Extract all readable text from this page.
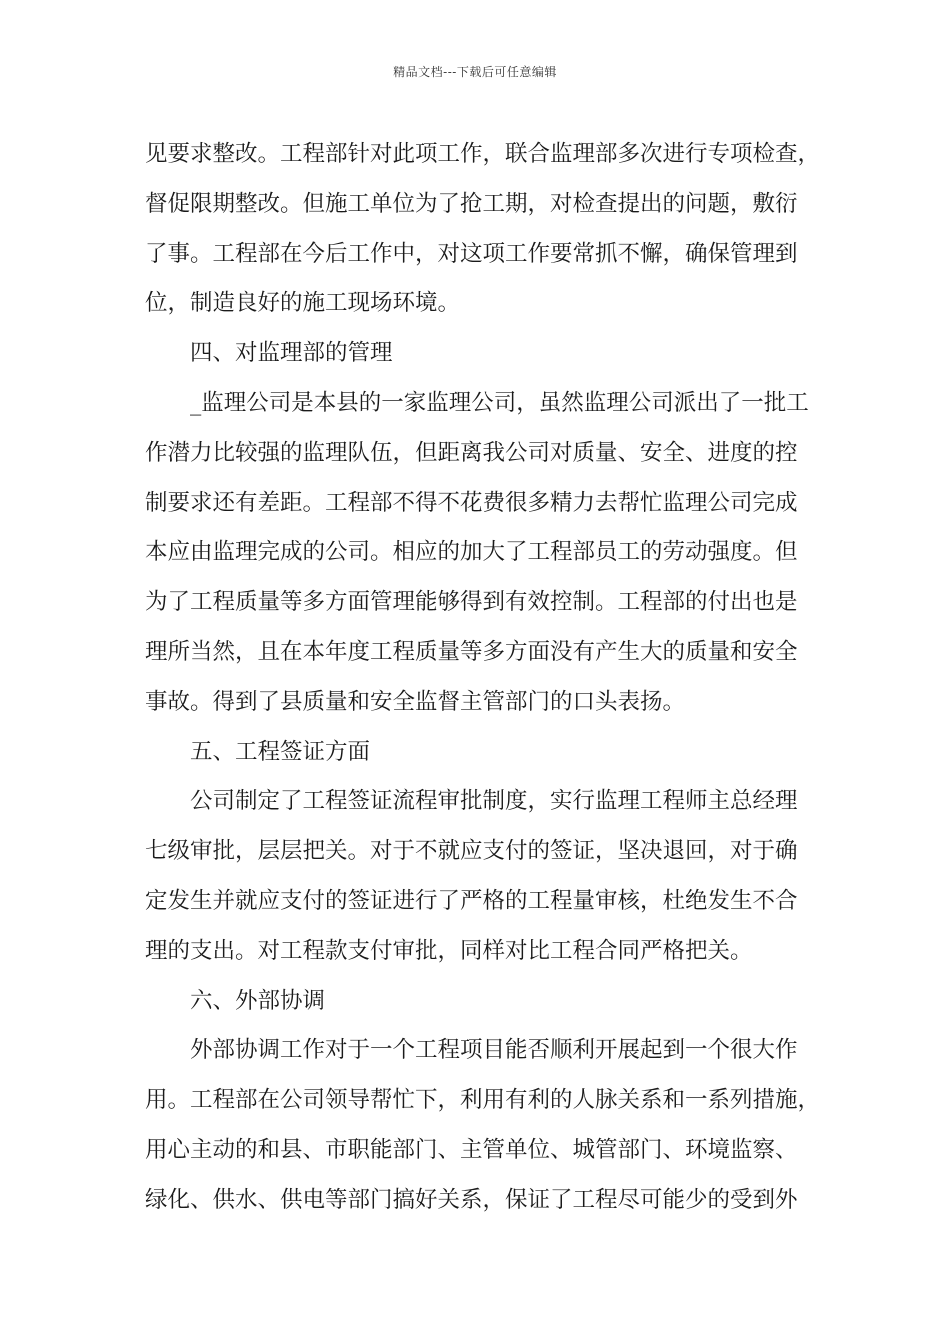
精品文档---下载后可任意编辑
见要求整改。工程部针对此项工作，联合监理部多次进行专项检查，
督促限期整改。但施工单位为了抢工期，对检查提出的问题，敷衍
了事。工程部在今后工作中，对这项工作要常抓不懈，确保管理到
位，制造良好的施工现场环境。
四、对监理部的管理
_监理公司是本县的一家监理公司，虽然监理公司派出了一批工
作潜力比较强的监理队伍，但距离我公司对质量、安全、进度的控
制要求还有差距。工程部不得不花费很多精力去帮忙监理公司完成
本应由监理完成的公司。相应的加大了工程部员工的劳动强度。但
为了工程质量等多方面管理能够得到有效控制。工程部的付出也是
理所当然，且在本年度工程质量等多方面没有产生大的质量和安全
事故。得到了县质量和安全监督主管部门的口头表扬。
五、工程签证方面
公司制定了工程签证流程审批制度，实行监理工程师主总经理
七级审批，层层把关。对于不就应支付的签证，坚决退回，对于确
定发生并就应支付的签证进行了严格的工程量审核，杜绝发生不合
理的支出。对工程款支付审批，同样对比工程合同严格把关。
六、外部协调
外部协调工作对于一个工程项目能否顺利开展起到一个很大作
用。工程部在公司领导帮忙下，利用有利的人脉关系和一系列措施，
用心主动的和县、市职能部门、主管单位、城管部门、环境监察、
绿化、供水、供电等部门搞好关系，保证了工程尽可能少的受到外
